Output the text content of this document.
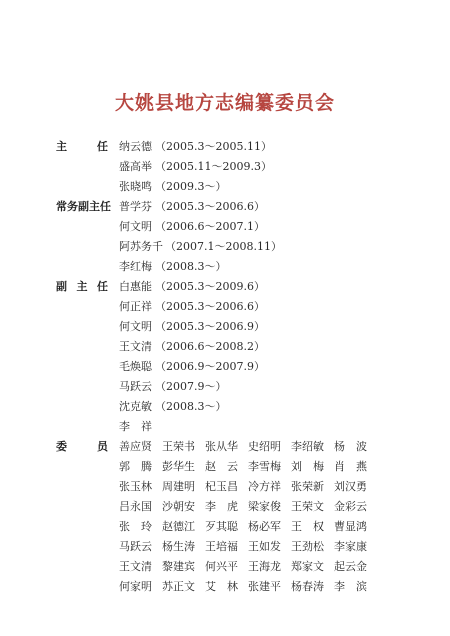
大姚县地方志编纂委员会
主 任 纳云德 （2005.3～2005.11）
盛高举 （2005.11～2009.3）
张晓鸣 （2009.3～）
常务副主任 普学芬 （2005.3～2006.6）
何文明 （2006.6～2007.1）
阿苏务千 （2007.1～2008.11）
李红梅 （2008.3～）
副 主 任 白惠能 （2005.3～2009.6）
何正祥 （2005.3～2006.6）
何文明 （2005.3～2006.9）
王文清 （2006.6～2008.2）
毛焕聪 （2006.9～2007.9）
马跃云 （2007.9～）
沈克敏 （2008.3～）
李　祥
委 员 善应贤 王荣书 张从华 史绍明 李绍敏 杨　波
郭　腾 彭华生 赵　云 李雪梅 刘　梅 肖　燕
张玉林 周建明 杞玉昌 冷方祥 张荣新 刘汉勇
吕永国 沙朝安 李　虎 梁家俊 王荣文 金彩云
张　玲 赵德江 歹其聪 杨必军 王　权 曹显鸿
马跃云 杨生涛 王培福 王如发 王劲松 李家康
王文清 黎建宾 何兴平 王海龙 郑家文 起云金
何家明 苏正文 艾　林 张建平 杨春涛 李　滨
